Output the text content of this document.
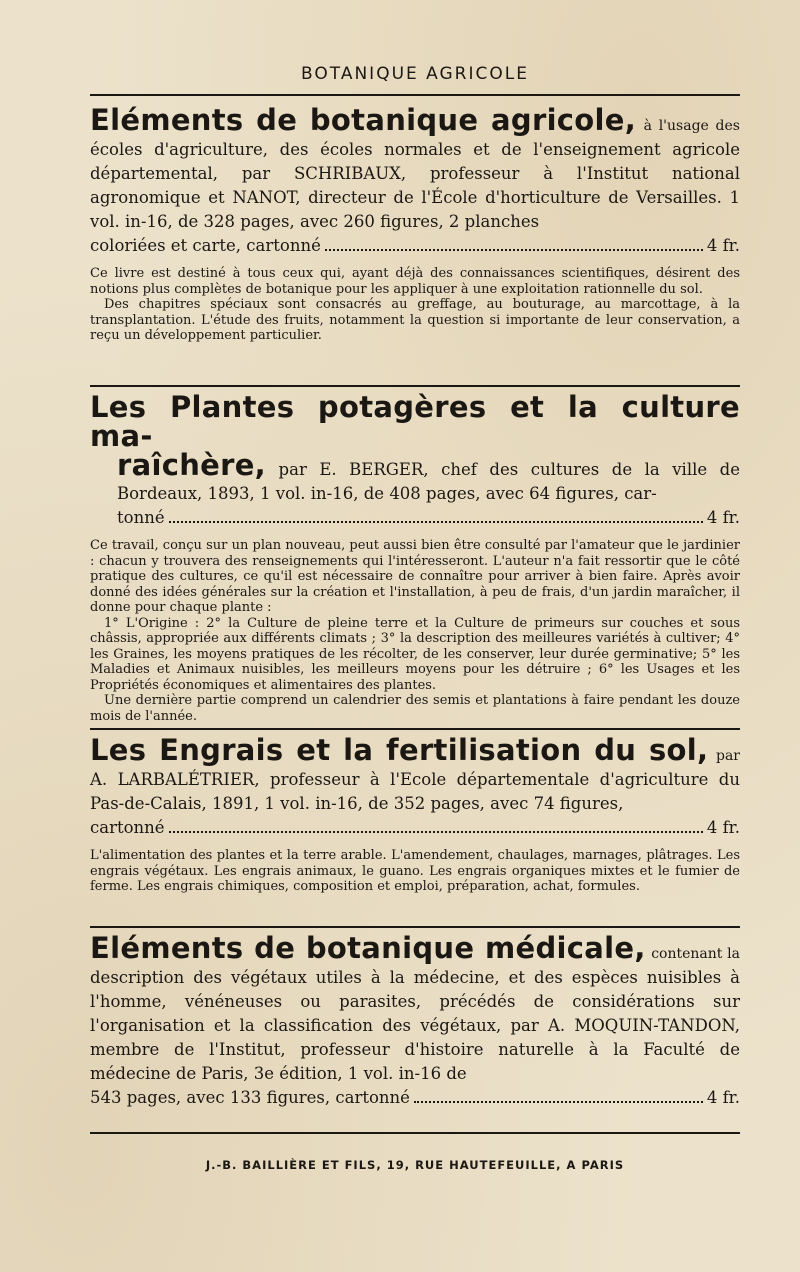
BOTANIQUE AGRICOLE

Eléments de botanique agricole, à l'usage des écoles d'agriculture, des écoles normales et de l'enseignement agricole départemental, par SCHRIBAUX, professeur à l'Institut national agronomique et NANOT, directeur de l'École d'horticulture de Versailles. 1 vol. in-16, de 328 pages, avec 260 figures, 2 planches

coloriées et carte, cartonné	4 fr.

Ce livre est destiné à tous ceux qui, ayant déjà des connaissances scientifiques, désirent des notions plus complètes de botanique pour les appliquer à une exploitation rationnelle du sol.

Des chapitres spéciaux sont consacrés au greffage, au bouturage, au marcottage, à la transplantation. L'étude des fruits, notamment la question si importante de leur conservation, a reçu un développement particulier.

Les Plantes potagères et la culture ma-

raîchère, par E. BERGER, chef des cultures de la ville de Bordeaux, 1893, 1 vol. in-16, de 408 pages, avec 64 figures, car-

tonné	4 fr.

Ce travail, conçu sur un plan nouveau, peut aussi bien être consulté par l'amateur que le jardinier : chacun y trouvera des renseignements qui l'intéresseront. L'auteur n'a fait ressortir que le côté pratique des cultures, ce qu'il est nécessaire de connaître pour arriver à bien faire. Après avoir donné des idées générales sur la création et l'installation, à peu de frais, d'un jardin maraîcher, il donne pour chaque plante :

1° L'Origine : 2° la Culture de pleine terre et la Culture de primeurs sur couches et sous châssis, appropriée aux différents climats ; 3° la description des meilleures variétés à cultiver; 4° les Graines, les moyens pratiques de les récolter, de les conserver, leur durée germinative; 5° les Maladies et Animaux nuisibles, les meilleurs moyens pour les détruire ; 6° les Usages et les Propriétés économiques et alimentaires des plantes.

Une dernière partie comprend un calendrier des semis et plantations à faire pendant les douze mois de l'année.

Les Engrais et la fertilisation du sol, par A. LARBALÉTRIER, professeur à l'Ecole départementale d'agriculture du Pas-de-Calais, 1891, 1 vol. in-16, de 352 pages, avec 74 figures,

cartonné	4 fr.

L'alimentation des plantes et la terre arable. L'amendement, chaulages, marnages, plâtrages. Les engrais végétaux. Les engrais animaux, le guano. Les engrais organiques mixtes et le fumier de ferme. Les engrais chimiques, composition et emploi, préparation, achat, formules.

Eléments de botanique médicale, contenant la description des végétaux utiles à la médecine, et des espèces nuisibles à l'homme, vénéneuses ou parasites, précédés de considérations sur l'organisation et la classification des végétaux, par A. MOQUIN-TANDON, membre de l'Institut, professeur d'histoire naturelle à la Faculté de médecine de Paris, 3e édition, 1 vol. in-16 de

543 pages, avec 133 figures, cartonné	4 fr.
J.-B. BAILLIÈRE ET FILS, 19, RUE HAUTEFEUILLE, A PARIS
